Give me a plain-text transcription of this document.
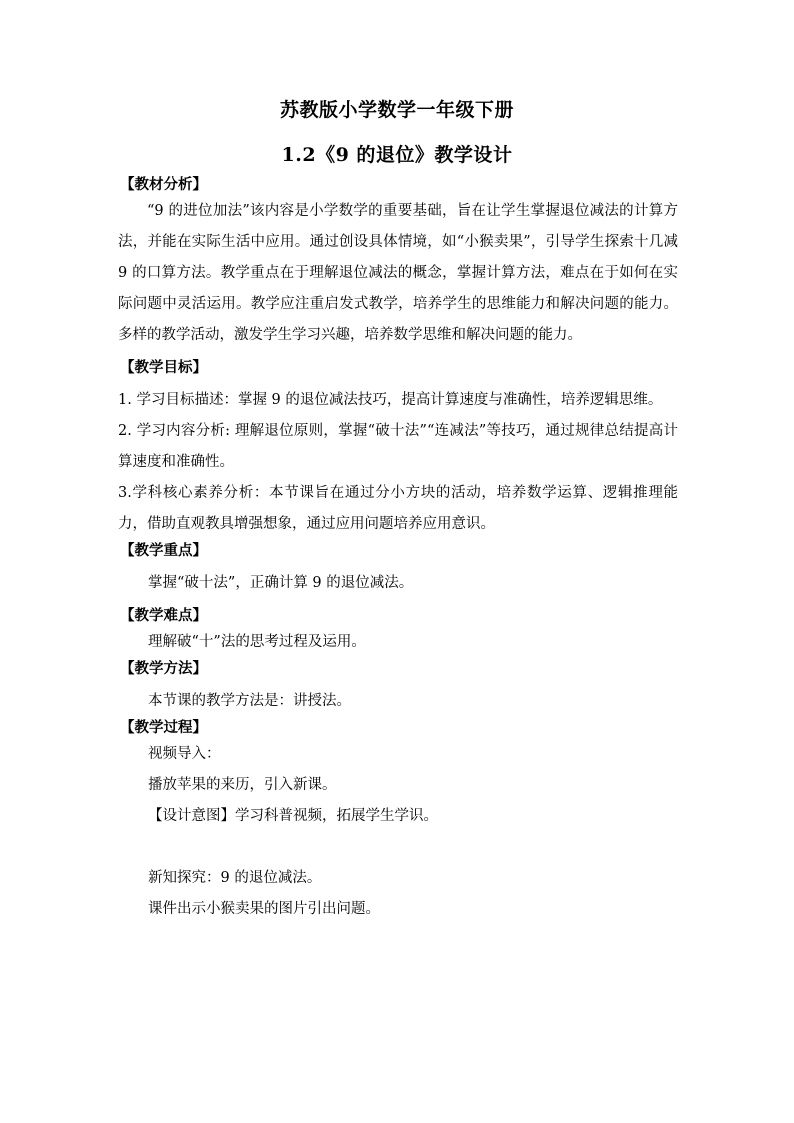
苏教版小学数学一年级下册
1.2《9 的退位》教学设计
【教材分析】
“9 的进位加法”该内容是小学数学的重要基础，旨在让学生掌握退位减法的计算方法，并能在实际生活中应用。通过创设具体情境，如“小猴卖果”，引导学生探索十几减 9 的口算方法。教学重点在于理解退位减法的概念，掌握计算方法，难点在于如何在实际问题中灵活运用。教学应注重启发式教学，培养学生的思维能力和解决问题的能力。多样的教学活动，激发学生学习兴趣，培养数学思维和解决问题的能力。
【教学目标】
1. 学习目标描述：掌握 9 的退位减法技巧，提高计算速度与准确性，培养逻辑思维。
2. 学习内容分析: 理解退位原则，掌握“破十法”“连减法”等技巧，通过规律总结提高计算速度和准确性。
3.学科核心素养分析：本节课旨在通过分小方块的活动，培养数学运算、逻辑推理能力，借助直观教具增强想象，通过应用问题培养应用意识。
【教学重点】
掌握“破十法”，正确计算 9 的退位减法。
【教学难点】
理解破“十”法的思考过程及运用。
【教学方法】
本节课的教学方法是：讲授法。
【教学过程】
视频导入：
播放苹果的来历，引入新课。
【设计意图】学习科普视频，拓展学生学识。
新知探究：9 的退位减法。
课件出示小猴卖果的图片引出问题。
